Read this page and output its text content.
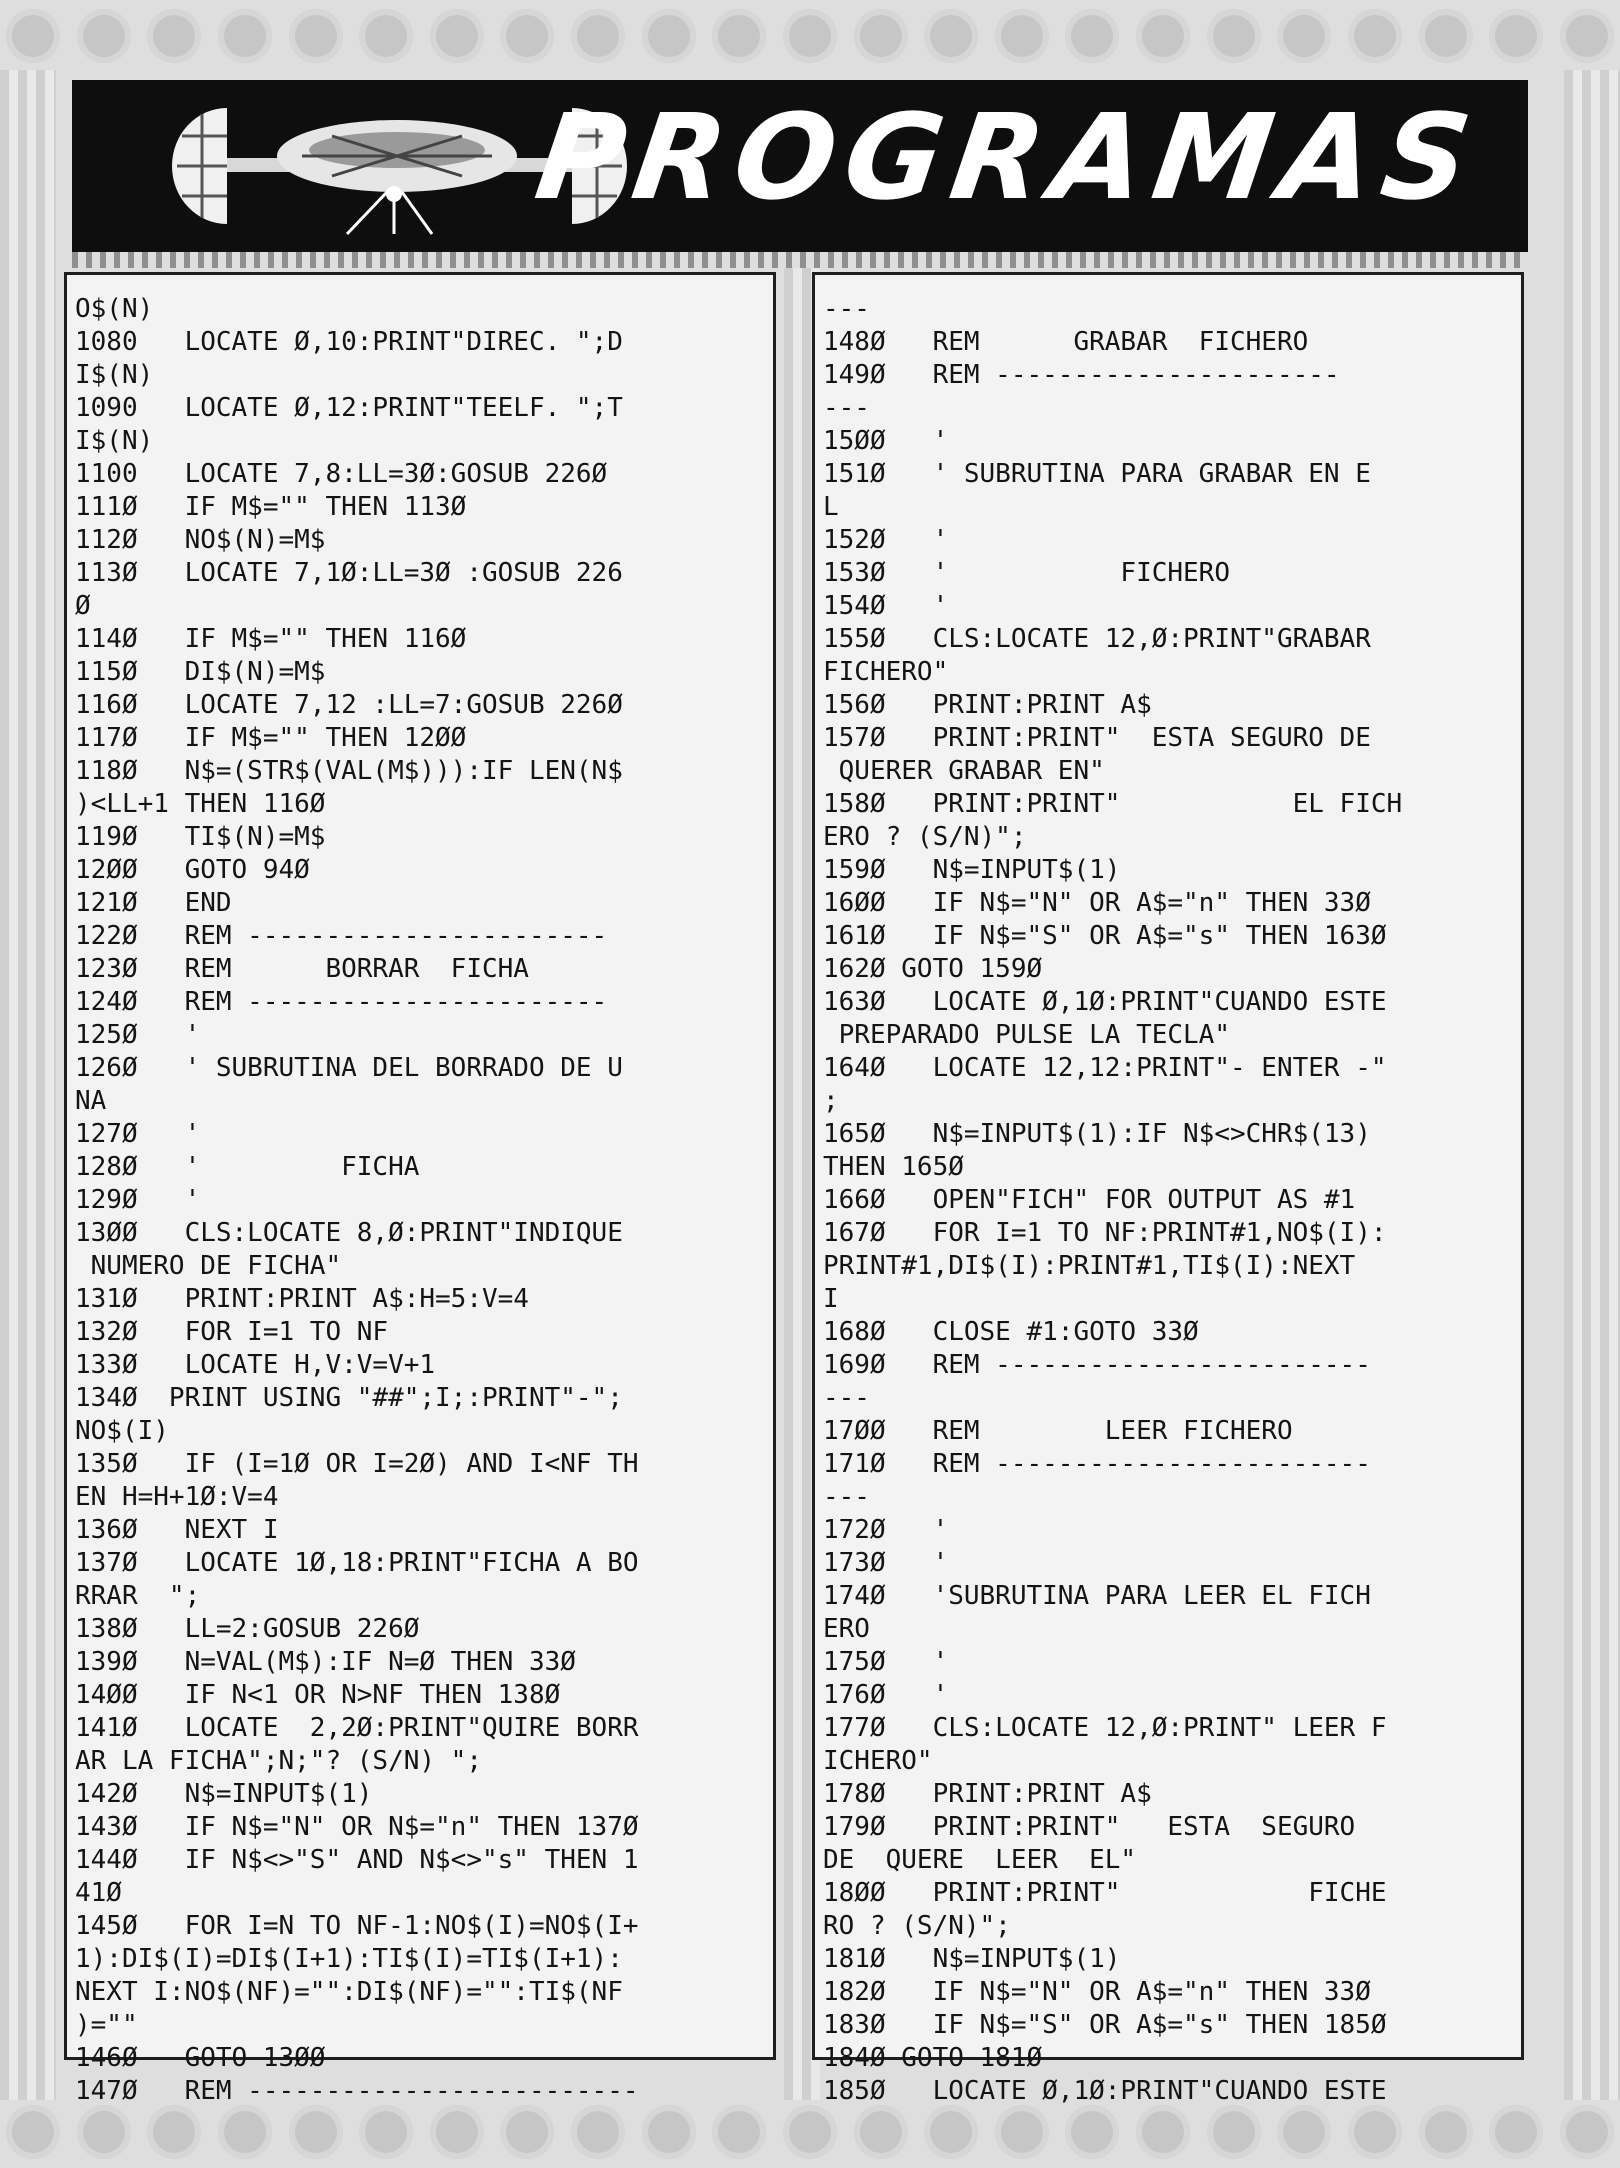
PROGRAMAS
O$(N)
1080   LOCATE Ø,10:PRINT"DIREC. ";D
I$(N)
1090   LOCATE Ø,12:PRINT"TEELF. ";T
I$(N)
1100   LOCATE 7,8:LL=3Ø:GOSUB 226Ø
111Ø   IF M$="" THEN 113Ø
112Ø   NO$(N)=M$
113Ø   LOCATE 7,1Ø:LL=3Ø :GOSUB 226
Ø
114Ø   IF M$="" THEN 116Ø
115Ø   DI$(N)=M$
116Ø   LOCATE 7,12 :LL=7:GOSUB 226Ø
117Ø   IF M$="" THEN 12ØØ
118Ø   N$=(STR$(VAL(M$))):IF LEN(N$
)<LL+1 THEN 116Ø
119Ø   TI$(N)=M$
12ØØ   GOTO 94Ø
121Ø   END
122Ø   REM -----------------------
123Ø   REM      BORRAR  FICHA
124Ø   REM -----------------------
125Ø   '
126Ø   ' SUBRUTINA DEL BORRADO DE U
NA
127Ø   '
128Ø   '         FICHA
129Ø   '
13ØØ   CLS:LOCATE 8,Ø:PRINT"INDIQUE
NUMERO DE FICHA"
131Ø   PRINT:PRINT A$:H=5:V=4
132Ø   FOR I=1 TO NF
133Ø   LOCATE H,V:V=V+1
134Ø  PRINT USING "##";I;:PRINT"-";
NO$(I)
135Ø   IF (I=1Ø OR I=2Ø) AND I<NF TH
EN H=H+1Ø:V=4
136Ø   NEXT I
137Ø   LOCATE 1Ø,18:PRINT"FICHA A BO
RRAR  ";
138Ø   LL=2:GOSUB 226Ø
139Ø   N=VAL(M$):IF N=Ø THEN 33Ø
14ØØ   IF N<1 OR N>NF THEN 138Ø
141Ø   LOCATE  2,2Ø:PRINT"QUIRE BORR
AR LA FICHA";N;"? (S/N) ";
142Ø   N$=INPUT$(1)
143Ø   IF N$="N" OR N$="n" THEN 137Ø
144Ø   IF N$<>"S" AND N$<>"s" THEN 1
41Ø
145Ø   FOR I=N TO NF-1:NO$(I)=NO$(I+
1):DI$(I)=DI$(I+1):TI$(I)=TI$(I+1):
NEXT I:NO$(NF)="":DI$(NF)="":TI$(NF
)=""
146Ø   GOTO 13ØØ
147Ø   REM -------------------------
---
148Ø   REM      GRABAR  FICHERO
149Ø   REM ----------------------
---
15ØØ   '
151Ø   ' SUBRUTINA PARA GRABAR EN E
L
152Ø   '
153Ø   '           FICHERO
154Ø   '
155Ø   CLS:LOCATE 12,Ø:PRINT"GRABAR
FICHERO"
156Ø   PRINT:PRINT A$
157Ø   PRINT:PRINT"  ESTA SEGURO DE
QUERER GRABAR EN"
158Ø   PRINT:PRINT"           EL FICH
ERO ? (S/N)";
159Ø   N$=INPUT$(1)
16ØØ   IF N$="N" OR A$="n" THEN 33Ø
161Ø   IF N$="S" OR A$="s" THEN 163Ø
162Ø GOTO 159Ø
163Ø   LOCATE Ø,1Ø:PRINT"CUANDO ESTE
PREPARADO PULSE LA TECLA"
164Ø   LOCATE 12,12:PRINT"- ENTER -"
;
165Ø   N$=INPUT$(1):IF N$<>CHR$(13)
THEN 165Ø
166Ø   OPEN"FICH" FOR OUTPUT AS #1
167Ø   FOR I=1 TO NF:PRINT#1,NO$(I):
PRINT#1,DI$(I):PRINT#1,TI$(I):NEXT
I
168Ø   CLOSE #1:GOTO 33Ø
169Ø   REM ------------------------
---
17ØØ   REM        LEER FICHERO
171Ø   REM ------------------------
---
172Ø   '
173Ø   '
174Ø   'SUBRUTINA PARA LEER EL FICH
ERO
175Ø   '
176Ø   '
177Ø   CLS:LOCATE 12,Ø:PRINT" LEER F
ICHERO"
178Ø   PRINT:PRINT A$
179Ø   PRINT:PRINT"   ESTA  SEGURO
DE  QUERE  LEER  EL"
18ØØ   PRINT:PRINT"            FICHE
RO ? (S/N)";
181Ø   N$=INPUT$(1)
182Ø   IF N$="N" OR A$="n" THEN 33Ø
183Ø   IF N$="S" OR A$="s" THEN 185Ø
184Ø GOTO 181Ø
185Ø   LOCATE Ø,1Ø:PRINT"CUANDO ESTE
